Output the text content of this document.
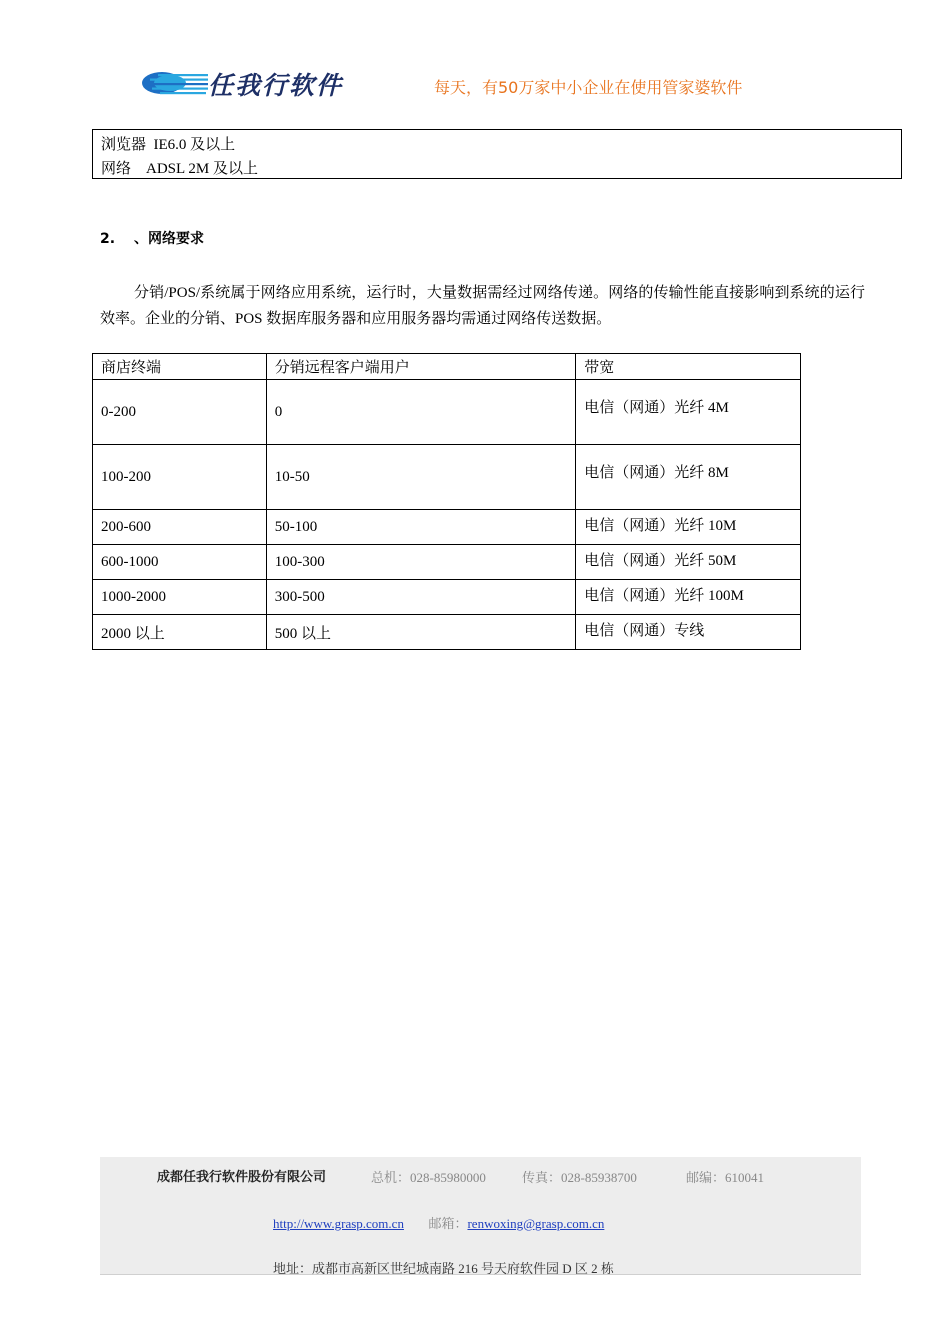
任我行软件	每天，有50万家中小企业在使用管家婆软件
浏览器 IE6.0 及以上
网络 ADSL 2M 及以上
2. 、网络要求
分销/POS/系统属于网络应用系统，运行时，大量数据需经过网络传递。网络的传输性能直接影响到系统的运行效率。企业的分销、POS 数据库服务器和应用服务器均需通过网络传送数据。
商店终端	分销远程客户端用户	带宽
0-200	0	电信（网通）光纤 4M
100-200	10-50	电信（网通）光纤 8M
200-600	50-100	电信（网通）光纤 10M
600-1000	100-300	电信（网通）光纤 50M
1000-2000	300-500	电信（网通）光纤 100M
2000 以上	500 以上	电信（网通）专线
成都任我行软件股份有限公司	总机：028-85980000	传真：028-85938700	邮编：610041
http://www.grasp.com.cn 邮箱：renwoxing@grasp.com.cn
地址：成都市高新区世纪城南路 216 号天府软件园 D 区 2 栋
